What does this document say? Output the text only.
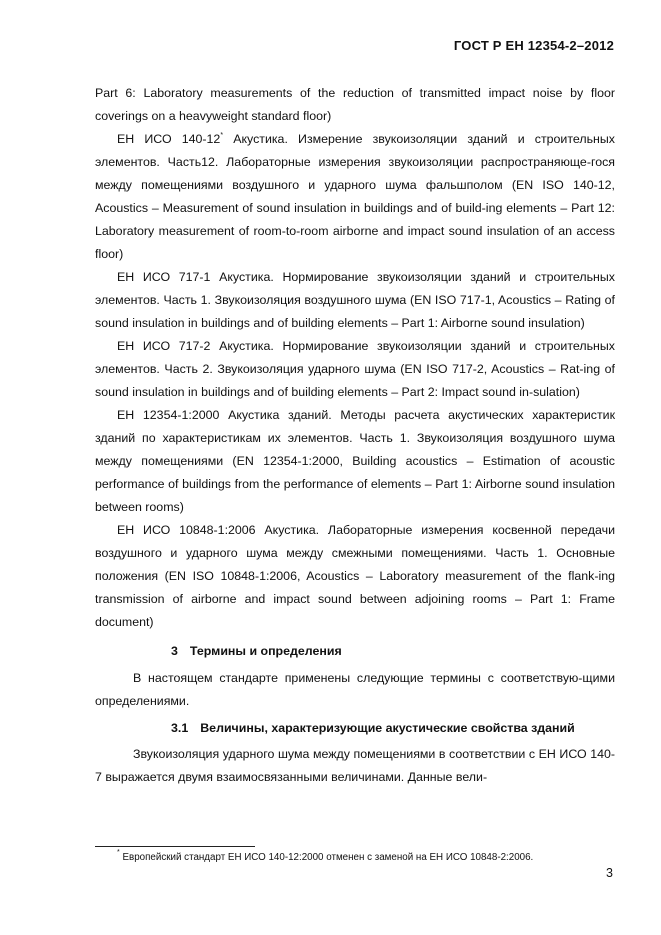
ГОСТ Р ЕН 12354-2–2012

Part 6: Laboratory measurements of the reduction of transmitted impact noise by floor coverings on a heavyweight standard floor)

ЕН ИСО 140-12* Акустика. Измерение звукоизоляции зданий и строительных элементов. Часть12. Лабораторные измерения звукоизоляции распространяюще-гося между помещениями воздушного и ударного шума фальшполом (EN ISO 140-12, Acoustics – Measurement of sound insulation in buildings and of build-ing elements – Part 12: Laboratory measurement of room-to-room airborne and impact sound insulation of an access floor)

ЕН ИСО 717-1 Акустика. Нормирование звукоизоляции зданий и строительных элементов. Часть 1. Звукоизоляция воздушного шума (EN ISO 717-1, Acoustics – Rating of sound insulation in buildings and of building elements – Part 1: Airborne sound insulation)

ЕН ИСО 717-2 Акустика. Нормирование звукоизоляции зданий и строительных элементов. Часть 2. Звукоизоляция ударного шума (EN ISO 717-2, Acoustics – Rat-ing of sound insulation in buildings and of building elements – Part 2: Impact sound in-sulation)

ЕН 12354-1:2000 Акустика зданий. Методы расчета акустических характеристик зданий по характеристикам их элементов. Часть 1. Звукоизоляция воздушного шума между помещениями (EN 12354-1:2000, Building acoustics – Estimation of acoustic performance of buildings from the performance of elements – Part 1: Airborne sound insulation between rooms)

ЕН ИСО 10848-1:2006 Акустика. Лабораторные измерения косвенной передачи воздушного и ударного шума между смежными помещениями. Часть 1. Основные положения (EN ISO 10848-1:2006, Acoustics – Laboratory measurement of the flank-ing transmission of airborne and impact sound between adjoining rooms – Part 1: Frame document)

3 Термины и определения

В настоящем стандарте применены следующие термины с соответствую-щими определениями.

3.1 Величины, характеризующие акустические свойства зданий

Звукоизоляция ударного шума между помещениями в соответствии с ЕН ИСО 140-7 выражается двумя взаимосвязанными величинами. Данные вели-

* Европейский стандарт ЕН ИСО 140-12:2000 отменен с заменой на ЕН ИСО 10848-2:2006.
3
